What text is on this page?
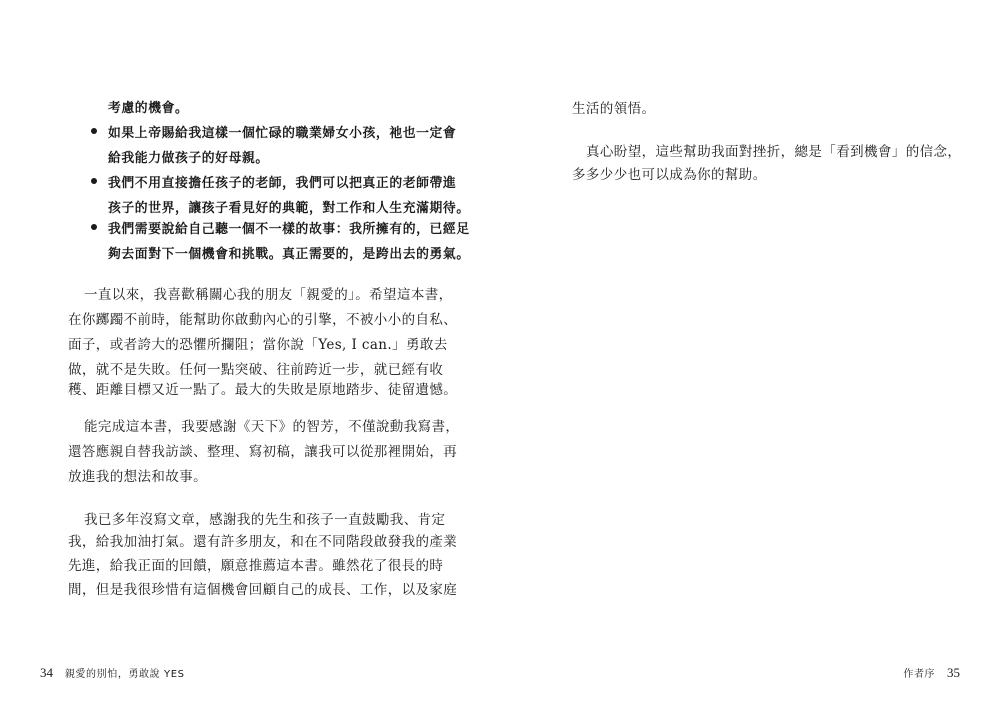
考慮的機會。
如果上帝賜給我這樣一個忙碌的職業婦女小孩，祂也一定會
給我能力做孩子的好母親。
我們不用直接擔任孩子的老師，我們可以把真正的老師帶進
孩子的世界，讓孩子看見好的典範，對工作和人生充滿期待。
我們需要說給自己聽一個不一樣的故事：我所擁有的，已經足
夠去面對下一個機會和挑戰。真正需要的，是跨出去的勇氣。
一直以來，我喜歡稱關心我的朋友「親愛的」。希望這本書，
在你躑躅不前時，能幫助你啟動內心的引擎，不被小小的自私、
面子，或者誇大的恐懼所攔阻；當你說「Yes, I can.」勇敢去
做，就不是失敗。任何一點突破、往前跨近一步，就已經有收
穫、距離目標又近一點了。最大的失敗是原地踏步、徒留遺憾。
能完成這本書，我要感謝《天下》的智芳，不僅說動我寫書，
還答應親自替我訪談、整理、寫初稿，讓我可以從那裡開始，再
放進我的想法和故事。
我已多年沒寫文章，感謝我的先生和孩子一直鼓勵我、肯定
我，給我加油打氣。還有許多朋友，和在不同階段啟發我的產業
先進，給我正面的回饋，願意推薦這本書。雖然花了很長的時
間，但是我很珍惜有這個機會回顧自己的成長、工作，以及家庭
34 親愛的別怕，勇敢說 YES
生活的領悟。
真心盼望，這些幫助我面對挫折，總是「看到機會」的信念，
多多少少也可以成為你的幫助。
作者序 35
